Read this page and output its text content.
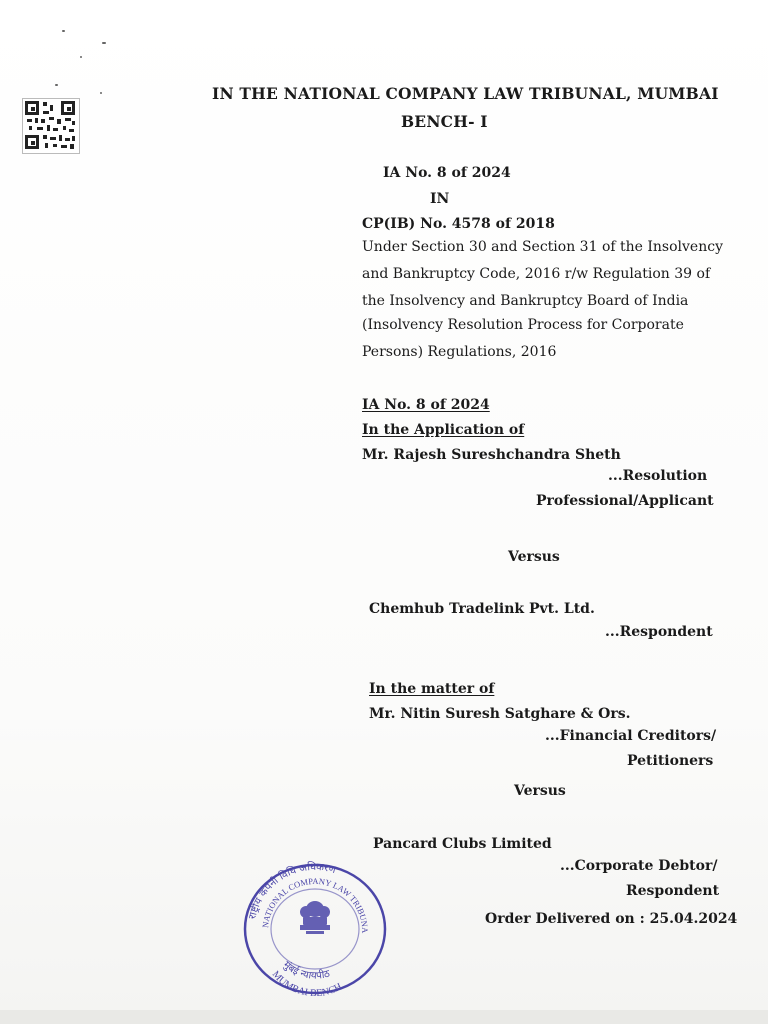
IN THE NATIONAL COMPANY LAW TRIBUNAL, MUMBAI
BENCH- I
IA No. 8 of 2024
IN
CP(IB) No. 4578 of 2018
Under Section 30 and Section 31 of the Insolvency
and Bankruptcy Code, 2016 r/w Regulation 39 of
the Insolvency and Bankruptcy Board of India
(Insolvency Resolution Process for Corporate
Persons) Regulations, 2016
IA No. 8 of 2024
In the Application of
Mr. Rajesh Sureshchandra Sheth
...Resolution
Professional/Applicant
Versus
Chemhub Tradelink Pvt. Ltd.
...Respondent
In the matter of
Mr. Nitin Suresh Satghare & Ors.
...Financial Creditors/
Petitioners
Versus
Pancard Clubs Limited
...Corporate Debtor/
Respondent
Order Delivered on : 25.04.2024
राष्ट्रीय कंपनी विधि अधिकरण
NATIONAL COMPANY LAW TRIBUNA
मुंबई न्यायपीठ
MUMBAI BENCH
